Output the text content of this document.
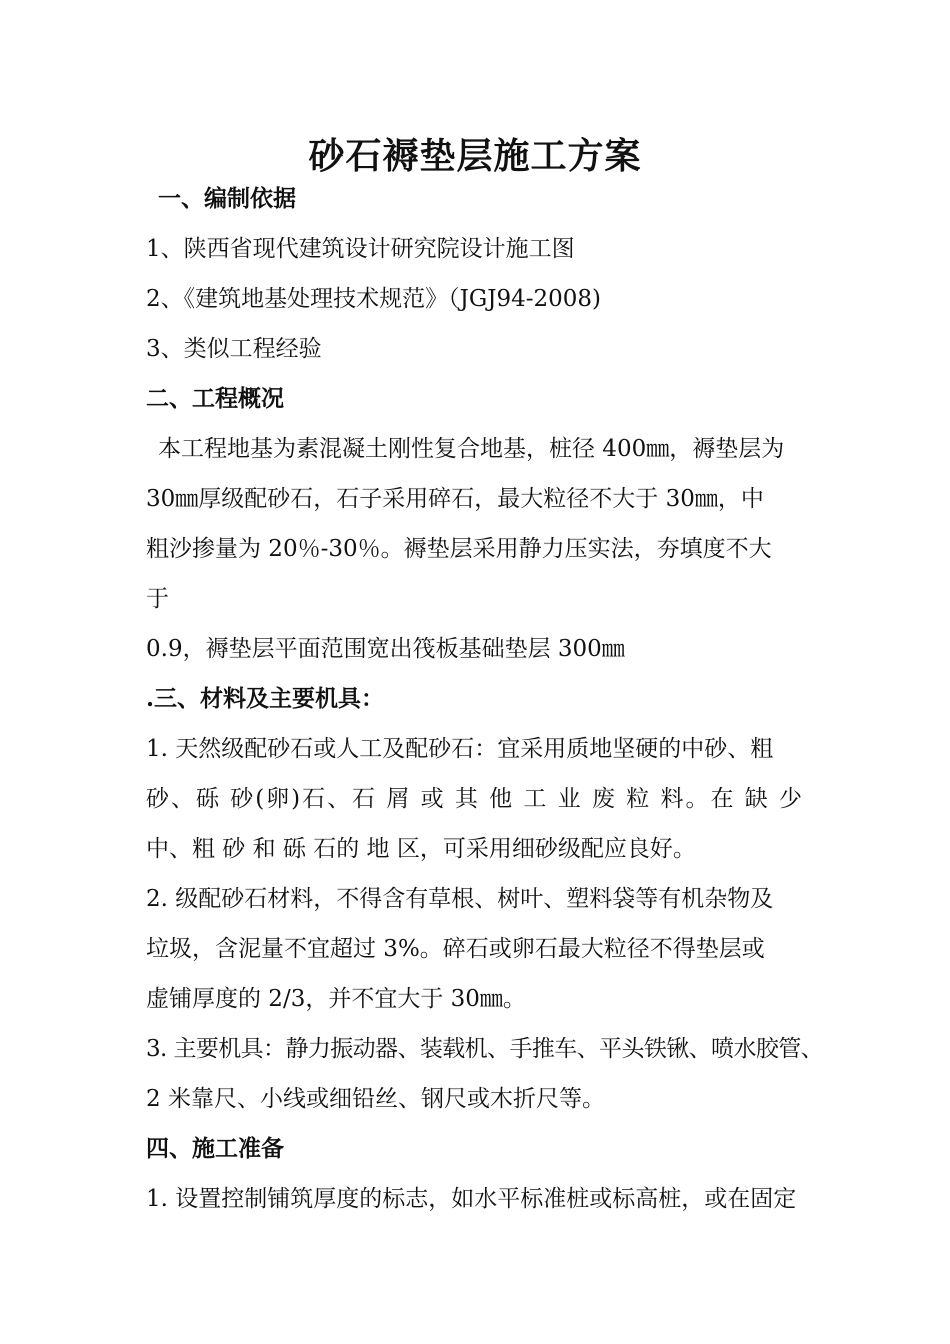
砂石褥垫层施工方案
一、编制依据
1、陕西省现代建筑设计研究院设计施工图
2、《建筑地基处理技术规范》（JGJ94-2008)
3、类似工程经验
二、工程概况
本工程地基为素混凝土刚性复合地基，桩径 400㎜，褥垫层为
30㎜厚级配砂石，石子采用碎石，最大粒径不大于 30㎜，中
粗沙掺量为 20％-30％。褥垫层采用静力压实法，夯填度不大
于
0.9，褥垫层平面范围宽出筏板基础垫层 300㎜
.三、材料及主要机具：
1. 天然级配砂石或人工及配砂石：宜采用质地坚硬的中砂、粗
砂、砾 砂(卵)石、石 屑 或 其 他 工 业 废 粒 料。在 缺 少
中、粗 砂 和 砾 石的 地 区，可采用细砂级配应良好。
2. 级配砂石材料，不得含有草根、树叶、塑料袋等有机杂物及
垃圾，含泥量不宜超过 3%。碎石或卵石最大粒径不得垫层或
虚铺厚度的 2/3，并不宜大于 30㎜。
3. 主要机具：静力振动器、装载机、手推车、平头铁锹、喷水胶管、
2 米靠尺、小线或细铅丝、钢尺或木折尺等。
四、施工准备
1. 设置控制铺筑厚度的标志，如水平标准桩或标高桩，或在固定
